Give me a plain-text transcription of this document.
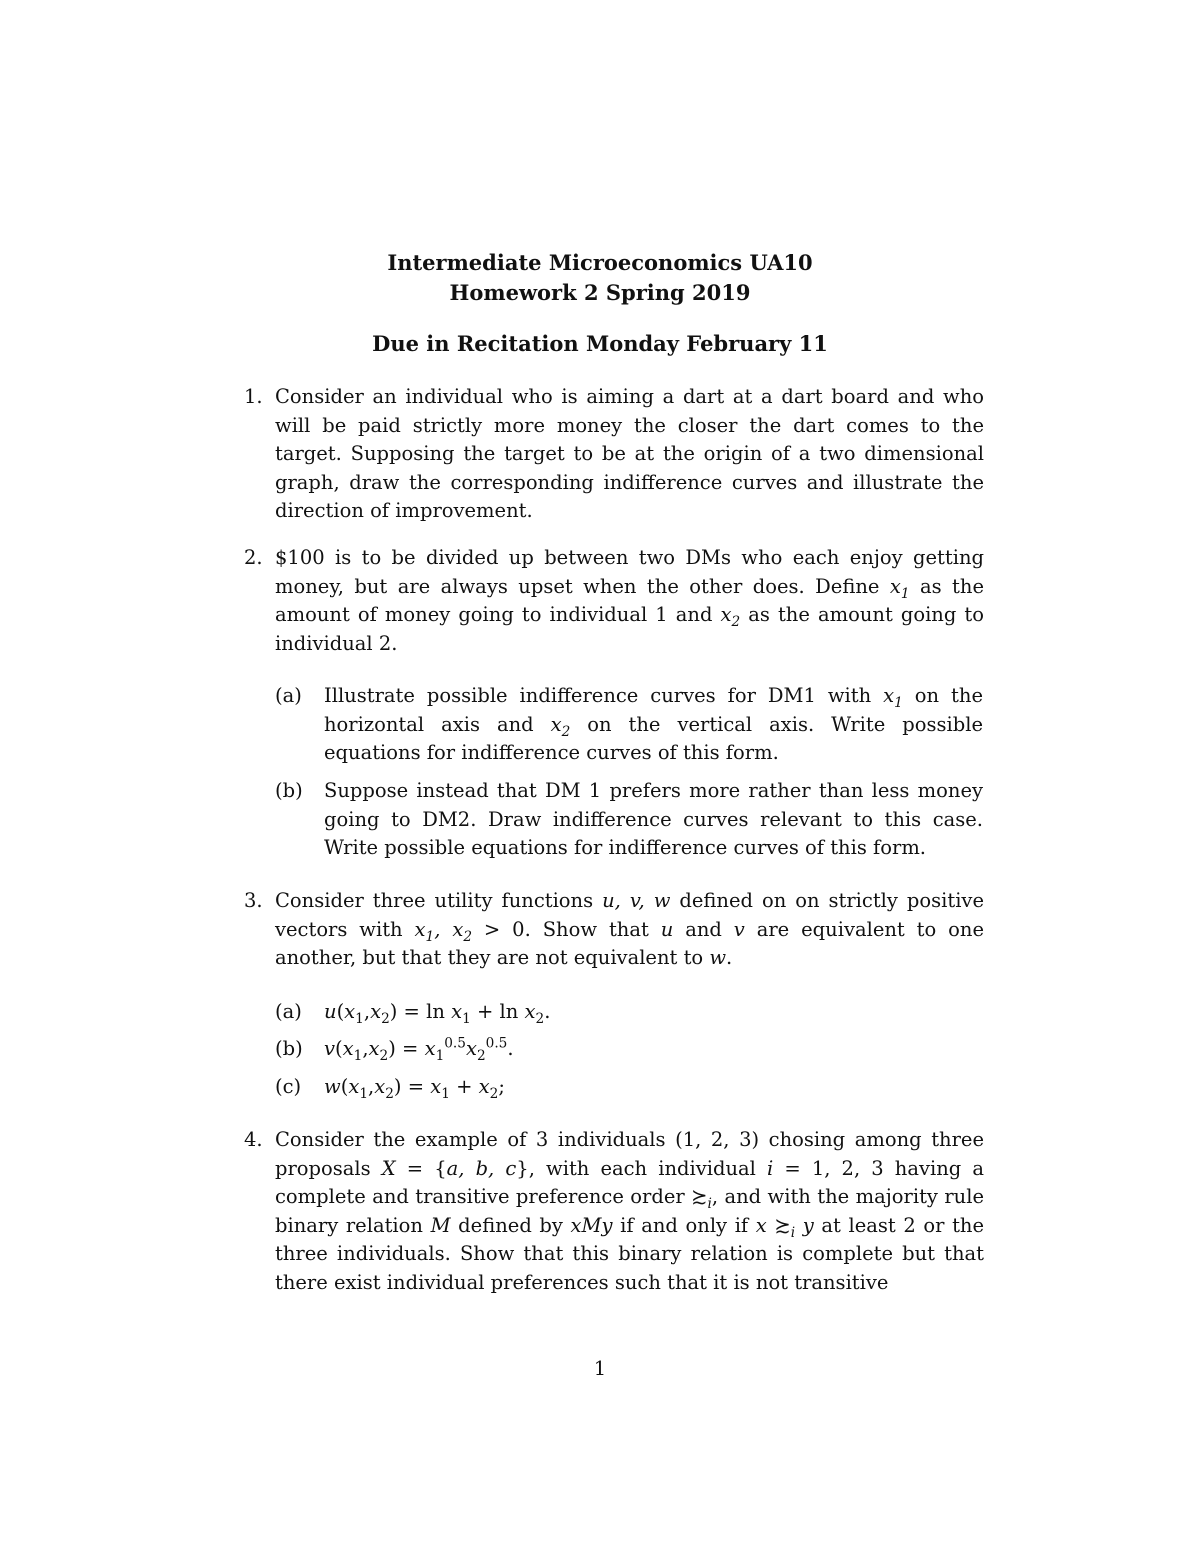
Intermediate Microeconomics UA10
Homework 2 Spring 2019
Due in Recitation Monday February 11
1. Consider an individual who is aiming a dart at a dart board and who will be paid strictly more money the closer the dart comes to the target. Supposing the target to be at the origin of a two dimensional graph, draw the corresponding indifference curves and illustrate the direction of improvement.
2. $100 is to be divided up between two DMs who each enjoy getting money, but are always upset when the other does. Define $x_1$ as the amount of money going to individual 1 and $x_2$ as the amount going to individual 2.
(a) Illustrate possible indifference curves for DM1 with $x_1$ on the horizontal axis and $x_2$ on the vertical axis. Write possible equations for indifference curves of this form.
(b) Suppose instead that DM 1 prefers more rather than less money going to DM2. Draw indifference curves relevant to this case. Write possible equations for indifference curves of this form.
3. Consider three utility functions u, v, w defined on on strictly positive vectors with $x_1$, $x_2 > 0$. Show that u and v are equivalent to one another, but that they are not equivalent to w.
(a) $u(x_1,x_2) = \ln x_1 + \ln x_2$.
(b) $v(x_1,x_2) = x_1^{0.5}x_2^{0.5}$.
(c) $w(x_1,x_2) = x_1 + x_2$;
4. Consider the example of 3 individuals (1, 2, 3) chosing among three proposals X = {a, b, c}, with each individual i = 1, 2, 3 having a complete and transitive preference order $≿_i$, and with the majority rule binary relation M defined by xMy if and only if x $≿_i$ y at least 2 or the three individuals. Show that this binary relation is complete but that there exist individual preferences such that it is not transitive
1
